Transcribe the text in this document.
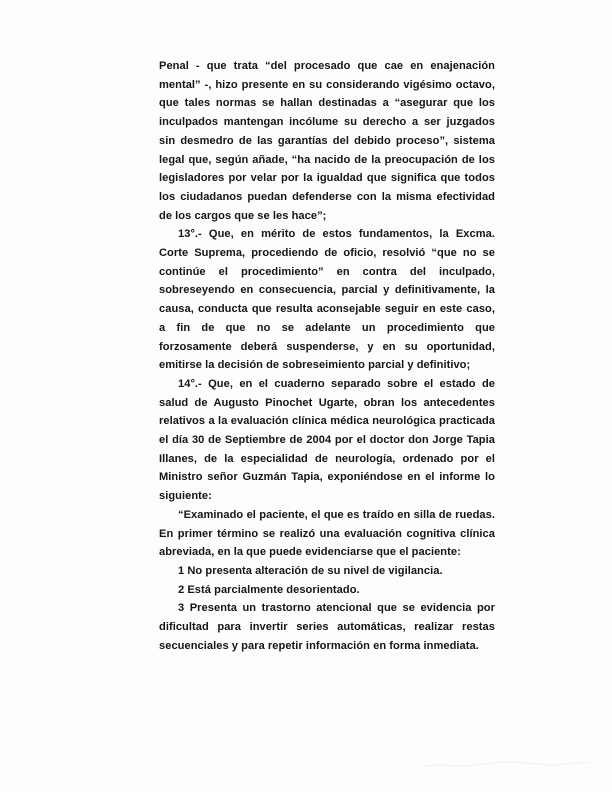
Penal - que trata “del procesado que cae en enajenación mental” -, hizo presente en su considerando vigésimo octavo, que tales normas se hallan destinadas a “asegurar que los inculpados mantengan incólume su derecho a ser juzgados sin desmedro de las garantías del debido proceso”, sistema legal que, según añade, “ha nacido de la preocupación de los legisladores por velar por la igualdad que significa que todos los ciudadanos puedan defenderse con la misma efectividad de los cargos que se les hace”;

13°.- Que, en mérito de estos fundamentos, la Excma. Corte Suprema, procediendo de oficio, resolvió “que no se continúe el procedimiento” en contra del inculpado, sobreseyendo en consecuencia, parcial y definitivamente, la causa, conducta que resulta aconsejable seguir en este caso, a fin de que no se adelante un procedimiento que forzosamente deberá suspenderse, y en su oportunidad, emitirse la decisión de sobreseimiento parcial y definitivo;

14°.- Que, en el cuaderno separado sobre el estado de salud de Augusto Pinochet Ugarte, obran los antecedentes relativos a la evaluación clínica médica neurológica practicada el día 30 de Septiembre de 2004 por el doctor don Jorge Tapia Illanes, de la especialidad de neurología, ordenado por el Ministro señor Guzmán Tapia, exponiéndose en el informe lo siguiente:

“Examinado el paciente, el que es traído en silla de ruedas. En primer término se realizó una evaluación cognitiva clínica abreviada, en la que puede evidenciarse que el paciente:

1 No presenta alteración de su nivel de vigilancia.

2 Está parcialmente desorientado.

3 Presenta un trastorno atencional que se evidencia por dificultad para invertir series automáticas, realizar restas secuenciales y para repetir información en forma inmediata.
